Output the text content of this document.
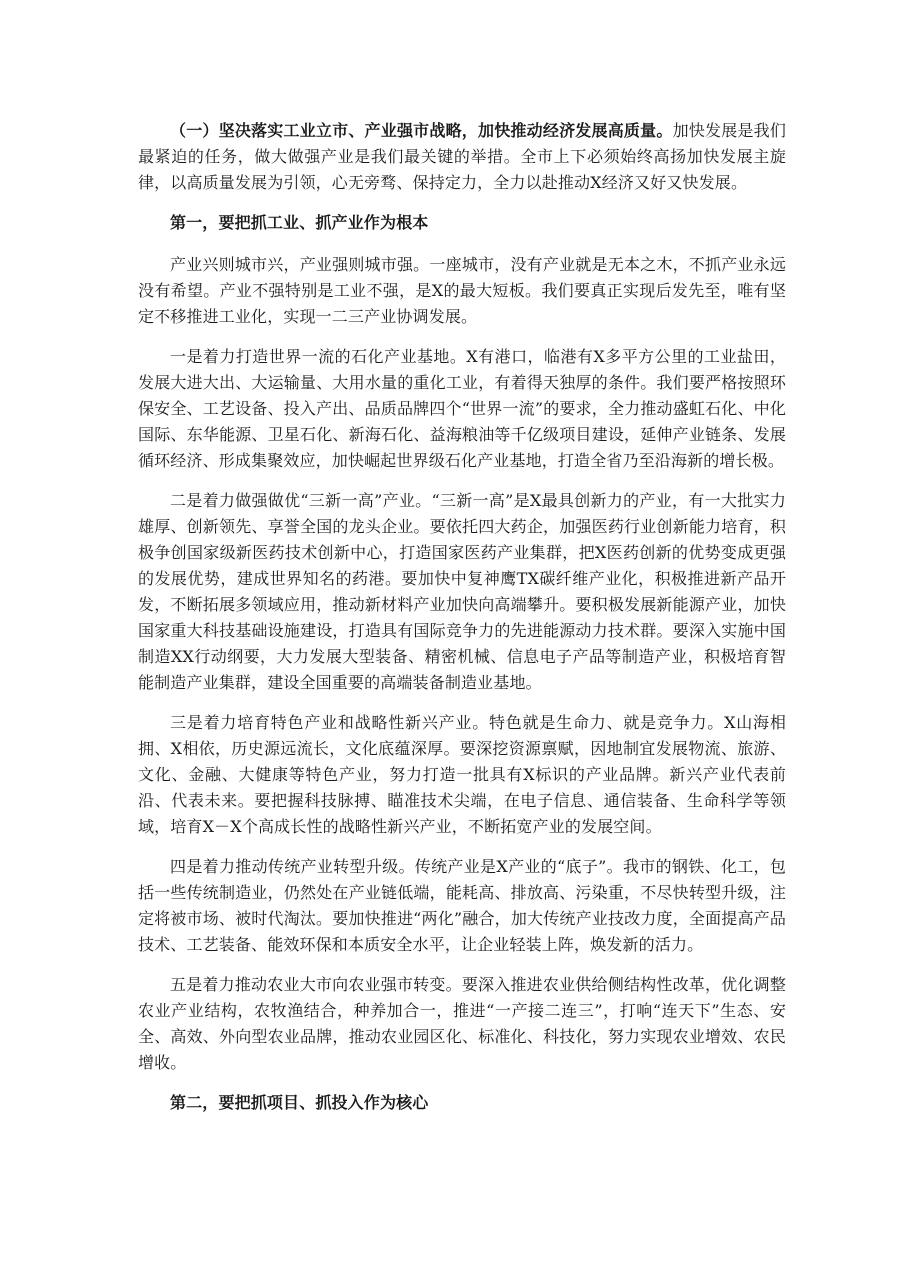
（一）坚决落实工业立市、产业强市战略，加快推动经济发展高质量。加快发展是我们最紧迫的任务，做大做强产业是我们最关键的举措。全市上下必须始终高扬加快发展主旋律，以高质量发展为引领，心无旁骛、保持定力，全力以赴推动X经济又好又快发展。

第一，要把抓工业、抓产业作为根本

产业兴则城市兴，产业强则城市强。一座城市，没有产业就是无本之木，不抓产业永远没有希望。产业不强特别是工业不强，是X的最大短板。我们要真正实现后发先至，唯有坚定不移推进工业化，实现一二三产业协调发展。

一是着力打造世界一流的石化产业基地。X有港口，临港有X多平方公里的工业盐田，发展大进大出、大运输量、大用水量的重化工业，有着得天独厚的条件。我们要严格按照环保安全、工艺设备、投入产出、品质品牌四个“世界一流”的要求，全力推动盛虹石化、中化国际、东华能源、卫星石化、新海石化、益海粮油等千亿级项目建设，延伸产业链条、发展循环经济、形成集聚效应，加快崛起世界级石化产业基地，打造全省乃至沿海新的增长极。

二是着力做强做优“三新一高”产业。“三新一高”是X最具创新力的产业，有一大批实力雄厚、创新领先、享誉全国的龙头企业。要依托四大药企，加强医药行业创新能力培育，积极争创国家级新医药技术创新中心，打造国家医药产业集群，把X医药创新的优势变成更强的发展优势，建成世界知名的药港。要加快中复神鹰TX碳纤维产业化，积极推进新产品开发，不断拓展多领域应用，推动新材料产业加快向高端攀升。要积极发展新能源产业，加快国家重大科技基础设施建设，打造具有国际竞争力的先进能源动力技术群。要深入实施中国制造XX行动纲要，大力发展大型装备、精密机械、信息电子产品等制造产业，积极培育智能制造产业集群，建设全国重要的高端装备制造业基地。

三是着力培育特色产业和战略性新兴产业。特色就是生命力、就是竞争力。X山海相拥、X相依，历史源远流长，文化底蕴深厚。要深挖资源禀赋，因地制宜发展物流、旅游、文化、金融、大健康等特色产业，努力打造一批具有X标识的产业品牌。新兴产业代表前沿、代表未来。要把握科技脉搏、瞄准技术尖端，在电子信息、通信装备、生命科学等领域，培育X－X个高成长性的战略性新兴产业，不断拓宽产业的发展空间。

四是着力推动传统产业转型升级。传统产业是X产业的“底子”。我市的钢铁、化工，包括一些传统制造业，仍然处在产业链低端，能耗高、排放高、污染重，不尽快转型升级，注定将被市场、被时代淘汰。要加快推进“两化”融合，加大传统产业技改力度，全面提高产品技术、工艺装备、能效环保和本质安全水平，让企业轻装上阵，焕发新的活力。

五是着力推动农业大市向农业强市转变。要深入推进农业供给侧结构性改革，优化调整农业产业结构，农牧渔结合，种养加合一，推进“一产接二连三”，打响“连天下”生态、安全、高效、外向型农业品牌，推动农业园区化、标准化、科技化，努力实现农业增效、农民增收。

第二，要把抓项目、抓投入作为核心
